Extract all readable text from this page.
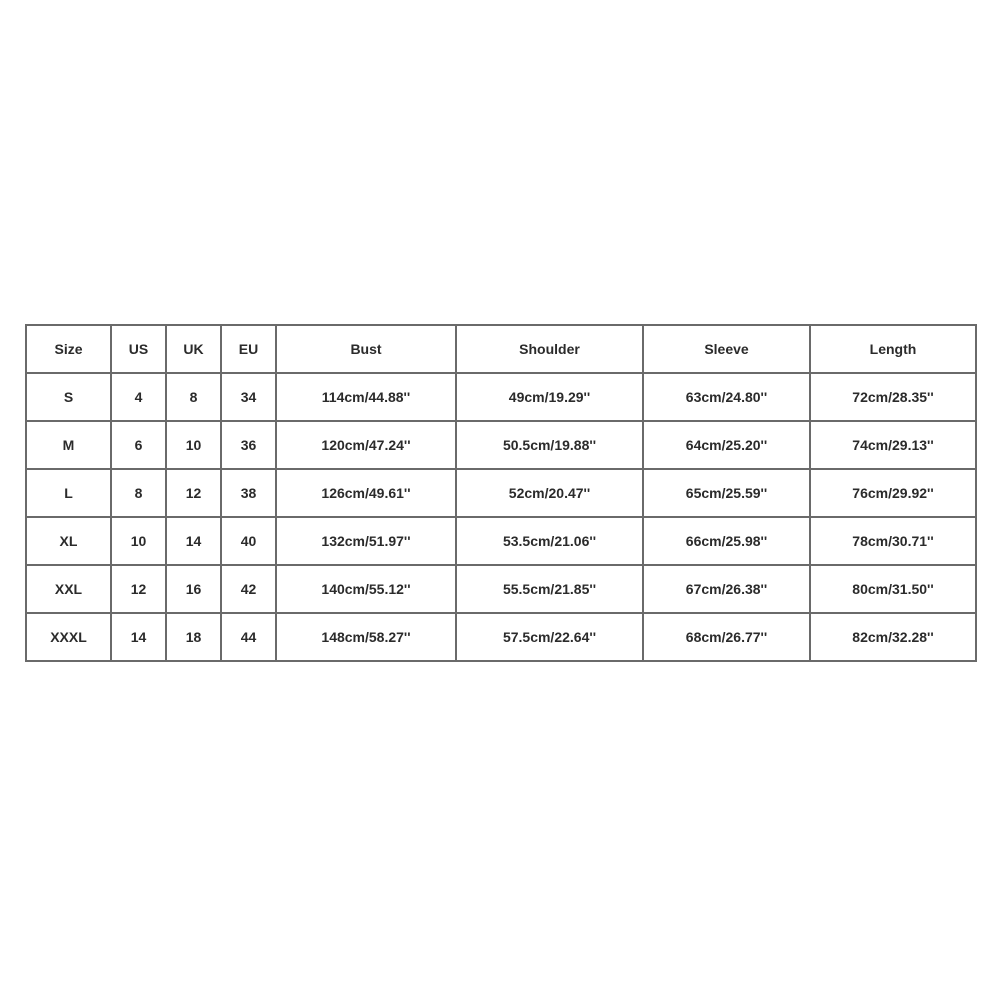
Size	US	UK	EU	Bust	Shoulder	Sleeve	Length
S	4	8	34	114cm/44.88''	49cm/19.29''	63cm/24.80''	72cm/28.35''
M	6	10	36	120cm/47.24''	50.5cm/19.88''	64cm/25.20''	74cm/29.13''
L	8	12	38	126cm/49.61''	52cm/20.47''	65cm/25.59''	76cm/29.92''
XL	10	14	40	132cm/51.97''	53.5cm/21.06''	66cm/25.98''	78cm/30.71''
XXL	12	16	42	140cm/55.12''	55.5cm/21.85''	67cm/26.38''	80cm/31.50''
XXXL	14	18	44	148cm/58.27''	57.5cm/22.64''	68cm/26.77''	82cm/32.28''
